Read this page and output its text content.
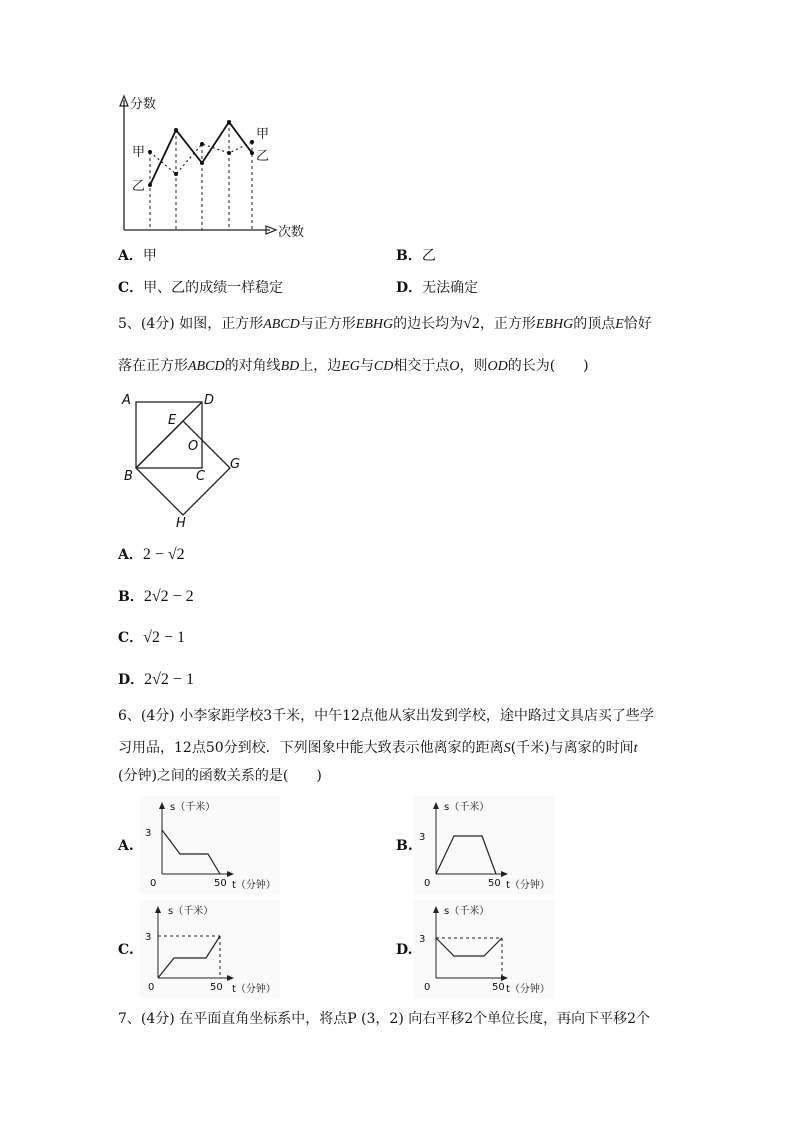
分数
次数
甲
乙
甲
乙
A．甲	B．乙
C．甲、乙的成绩一样稳定	D．无法确定
5、(4分) 如图，正方形ABCD与正方形EBHG的边长均为√2，正方形EBHG的顶点E恰好
落在正方形ABCD的对角线BD上，边EG与CD相交于点O，则OD的长为(　　)
A	D
E
O
B	C
G
H
A．2 − √2
B．2√2 − 2
C．√2 − 1
D．2√2 − 1
6、(4分) 小李家距学校3千米，中午12点他从家出发到学校，途中路过文具店买了些学
习用品，12点50分到校．下列图象中能大致表示他离家的距离S(千米)与离家的时间t
(分钟)之间的函数关系的是(　　)
A.
s（千米）
3
0	50 t（分钟）
B.
s（千米）
3
0	50 t（分钟）
C.
s（千米）
3
0	50 t（分钟）
D.
s（千米）
3
0	50 t（分钟）
7、(4分) 在平面直角坐标系中，将点P (3，2) 向右平移2个单位长度，再向下平移2个
